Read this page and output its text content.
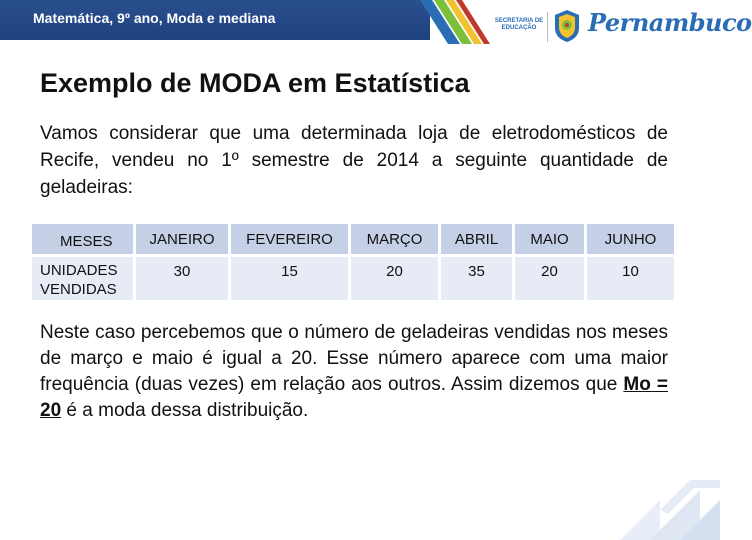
Matemática, 9º ano, Moda e mediana	SECRETARIA DE EDUCAÇÃO	Pernambuco
Exemplo de MODA em Estatística

Vamos considerar que uma determinada loja de eletrodomésticos de Recife, vendeu no 1º semestre de 2014 a seguinte quantidade de geladeiras:

MESES	JANEIRO	FEVEREIRO	MARÇO	ABRIL	MAIO	JUNHO
UNIDADES
VENDIDAS	30	15	20	35	20	10

Neste caso percebemos que o número de geladeiras vendidas nos meses de março e maio é igual a 20. Esse número aparece com uma maior frequência (duas vezes) em relação aos outros. Assim dizemos que Mo = 20 é a moda dessa distribuição.
